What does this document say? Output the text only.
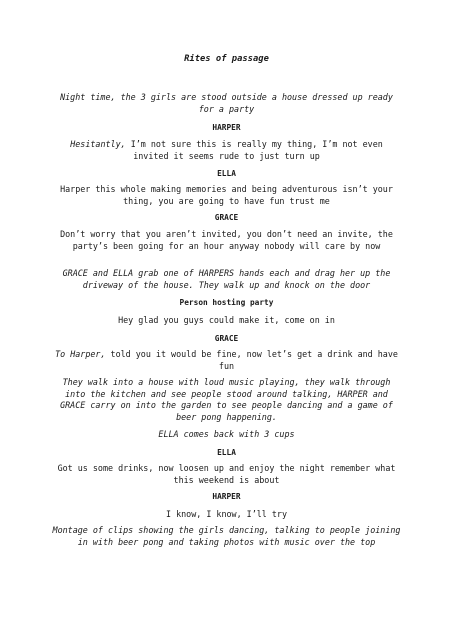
Rites of passage
Night time, the 3 girls are stood outside a house dressed up ready for a party
HARPER
Hesitantly, I’m not sure this is really my thing, I’m not even invited it seems rude to just turn up
ELLA
Harper this whole making memories and being adventurous isn’t your thing, you are going to have fun trust me
GRACE
Don’t worry that you aren’t invited, you don’t need an invite, the party’s been going for an hour anyway nobody will care by now
GRACE and ELLA grab one of HARPERS hands each and drag her up the driveway of the house. They walk up and knock on the door
Person hosting party
Hey glad you guys could make it, come on in
GRACE
To Harper, told you it would be fine, now let’s get a drink and have fun
They walk into a house with loud music playing, they walk through into the kitchen and see people stood around talking, HARPER and GRACE carry on into the garden to see people dancing and a game of beer pong happening.
ELLA comes back with 3 cups
ELLA
Got us some drinks, now loosen up and enjoy the night remember what this weekend is about
HARPER
I know, I know, I’ll try
Montage of clips showing the girls dancing, talking to people joining in with beer pong and taking photos with music over the top
